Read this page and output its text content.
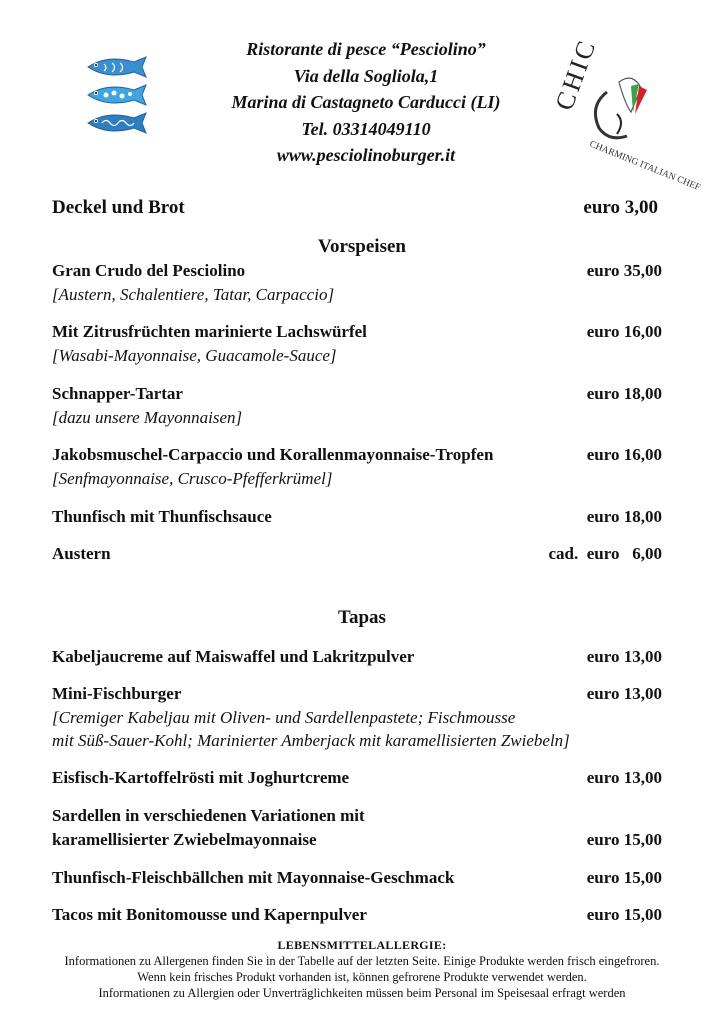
Ristorante di pesce “Pesciolino”
Via della Sogliola,1
Marina di Castagneto Carducci (LI)
Tel. 03314049110
www.pesciolinoburger.it
CHIC
CHARMING ITALIAN CHEF
Deckel und Brot	euro 3,00
Vorspeisen
Gran Crudo del Pesciolino	euro 35,00
[Austern, Schalentiere, Tatar, Carpaccio]
Mit Zitrusfrüchten marinierte Lachswürfel	euro 16,00
[Wasabi-Mayonnaise, Guacamole-Sauce]
Schnapper-Tartar	euro 18,00
[dazu unsere Mayonnaisen]
Jakobsmuschel-Carpaccio und Korallenmayonnaise-Tropfen	euro 16,00
[Senfmayonnaise, Crusco-Pfefferkrümel]
Thunfisch mit Thunfischsauce	euro 18,00
Austern	cad.  euro   6,00
Tapas
Kabeljaucreme auf Maiswaffel und Lakritzpulver	euro 13,00
Mini-Fischburger	euro 13,00
[Cremiger Kabeljau mit Oliven- und Sardellenpastete; Fischmousse
mit Süß-Sauer-Kohl; Marinierter Amberjack mit karamellisierten Zwiebeln]
Eisfisch-Kartoffelrösti mit Joghurtcreme	euro 13,00
Sardellen in verschiedenen Variationen mit
karamellisierter Zwiebelmayonnaise	euro 15,00
Thunfisch-Fleischbällchen mit Mayonnaise-Geschmack	euro 15,00
Tacos mit Bonitomousse und Kapernpulver	euro 15,00
LEBENSMITTELALLERGIE:
Informationen zu Allergenen finden Sie in der Tabelle auf der letzten Seite. Einige Produkte werden frisch eingefroren.
Wenn kein frisches Produkt vorhanden ist, können gefrorene Produkte verwendet werden.
Informationen zu Allergien oder Unverträglichkeiten müssen beim Personal im Speisesaal erfragt werden
